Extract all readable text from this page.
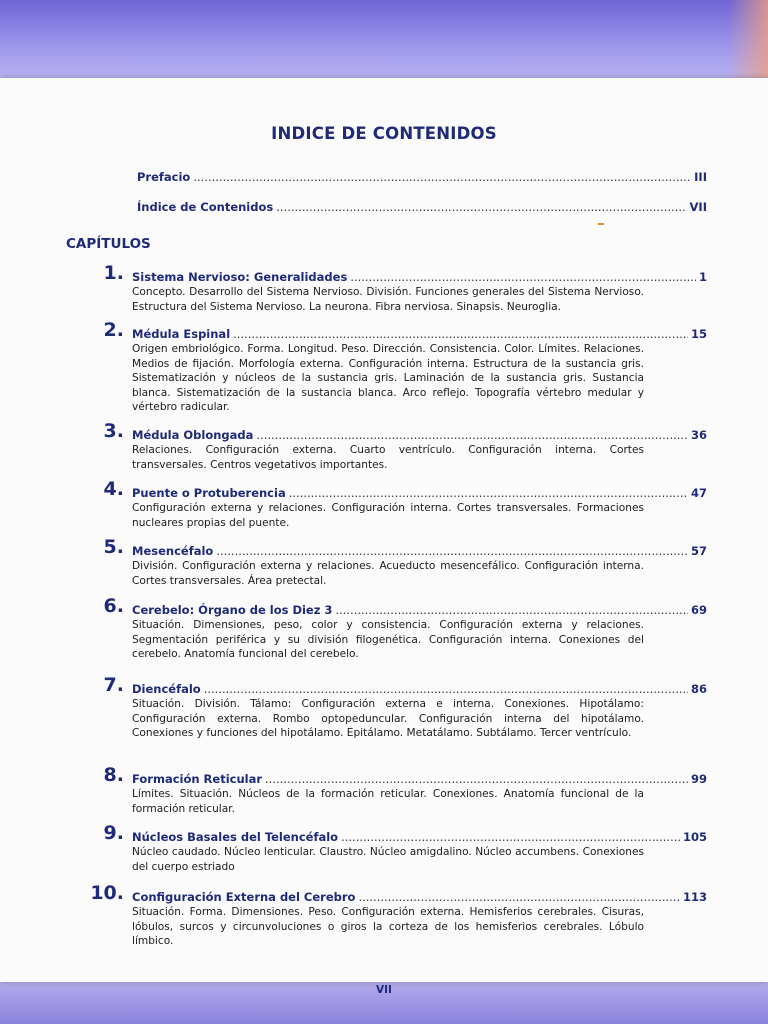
INDICE DE CONTENIDOS
Prefacio .....	III
Índice de Contenidos .....	VII
CAPÍTULOS
1. Sistema Nervioso: Generalidades .....	1
Concepto. Desarrollo del Sistema Nervioso. División. Funciones generales del Sistema Nervioso. Estructura del Sistema Nervioso. La neurona. Fibra nerviosa. Sinapsis. Neuroglia.
2. Médula Espinal .....	15
Origen embriológico. Forma. Longitud. Peso. Dirección. Consistencia. Color. Límites. Relaciones. Medios de fijación. Morfología externa. Configuración interna. Estructura de la sustancia gris. Sistematización y núcleos de la sustancia gris. Laminación de la sustancia gris. Sustancia blanca. Sistematización de la sustancia blanca. Arco reflejo. Topografía vértebro medular y vértebro radicular.
3. Médula Oblongada .....	36
Relaciones. Configuración externa. Cuarto ventrículo. Configuración interna. Cortes transversales. Centros vegetativos importantes.
4. Puente o Protuberencia .....	47
Configuración externa y relaciones. Configuración interna. Cortes transversales. Formaciones nucleares propias del puente.
5. Mesencéfalo .....	57
División. Configuración externa y relaciones. Acueducto mesencefálico. Configuración interna. Cortes transversales. Área pretectal.
6. Cerebelo: Órgano de los Diez 3 .....	69
Situación. Dimensiones, peso, color y consistencia. Configuración externa y relaciones. Segmentación periférica y su división filogenética. Configuración interna. Conexiones del cerebelo. Anatomía funcional del cerebelo.
7. Diencéfalo .....	86
Situación. División. Tálamo: Configuración externa e interna. Conexiones. Hipotálamo: Configuración externa. Rombo optopeduncular. Configuración interna del hipotálamo. Conexiones y funciones del hipotálamo. Epitálamo. Metatálamo. Subtálamo. Tercer ventrículo.
8. Formación Reticular .....	99
Límites. Situación. Núcleos de la formación reticular. Conexiones. Anatomía funcional de la formación reticular.
9. Núcleos Basales del Telencéfalo .....	105
Núcleo caudado. Núcleo lenticular. Claustro. Núcleo amigdalino. Núcleo accumbens. Conexiones del cuerpo estriado
10. Configuración Externa del Cerebro .....	113
Situación. Forma. Dimensiones. Peso. Configuración externa. Hemisferios cerebrales. Cisuras, lóbulos, surcos y circunvoluciones o giros la corteza de los hemisferios cerebrales. Lóbulo límbico.
VII
